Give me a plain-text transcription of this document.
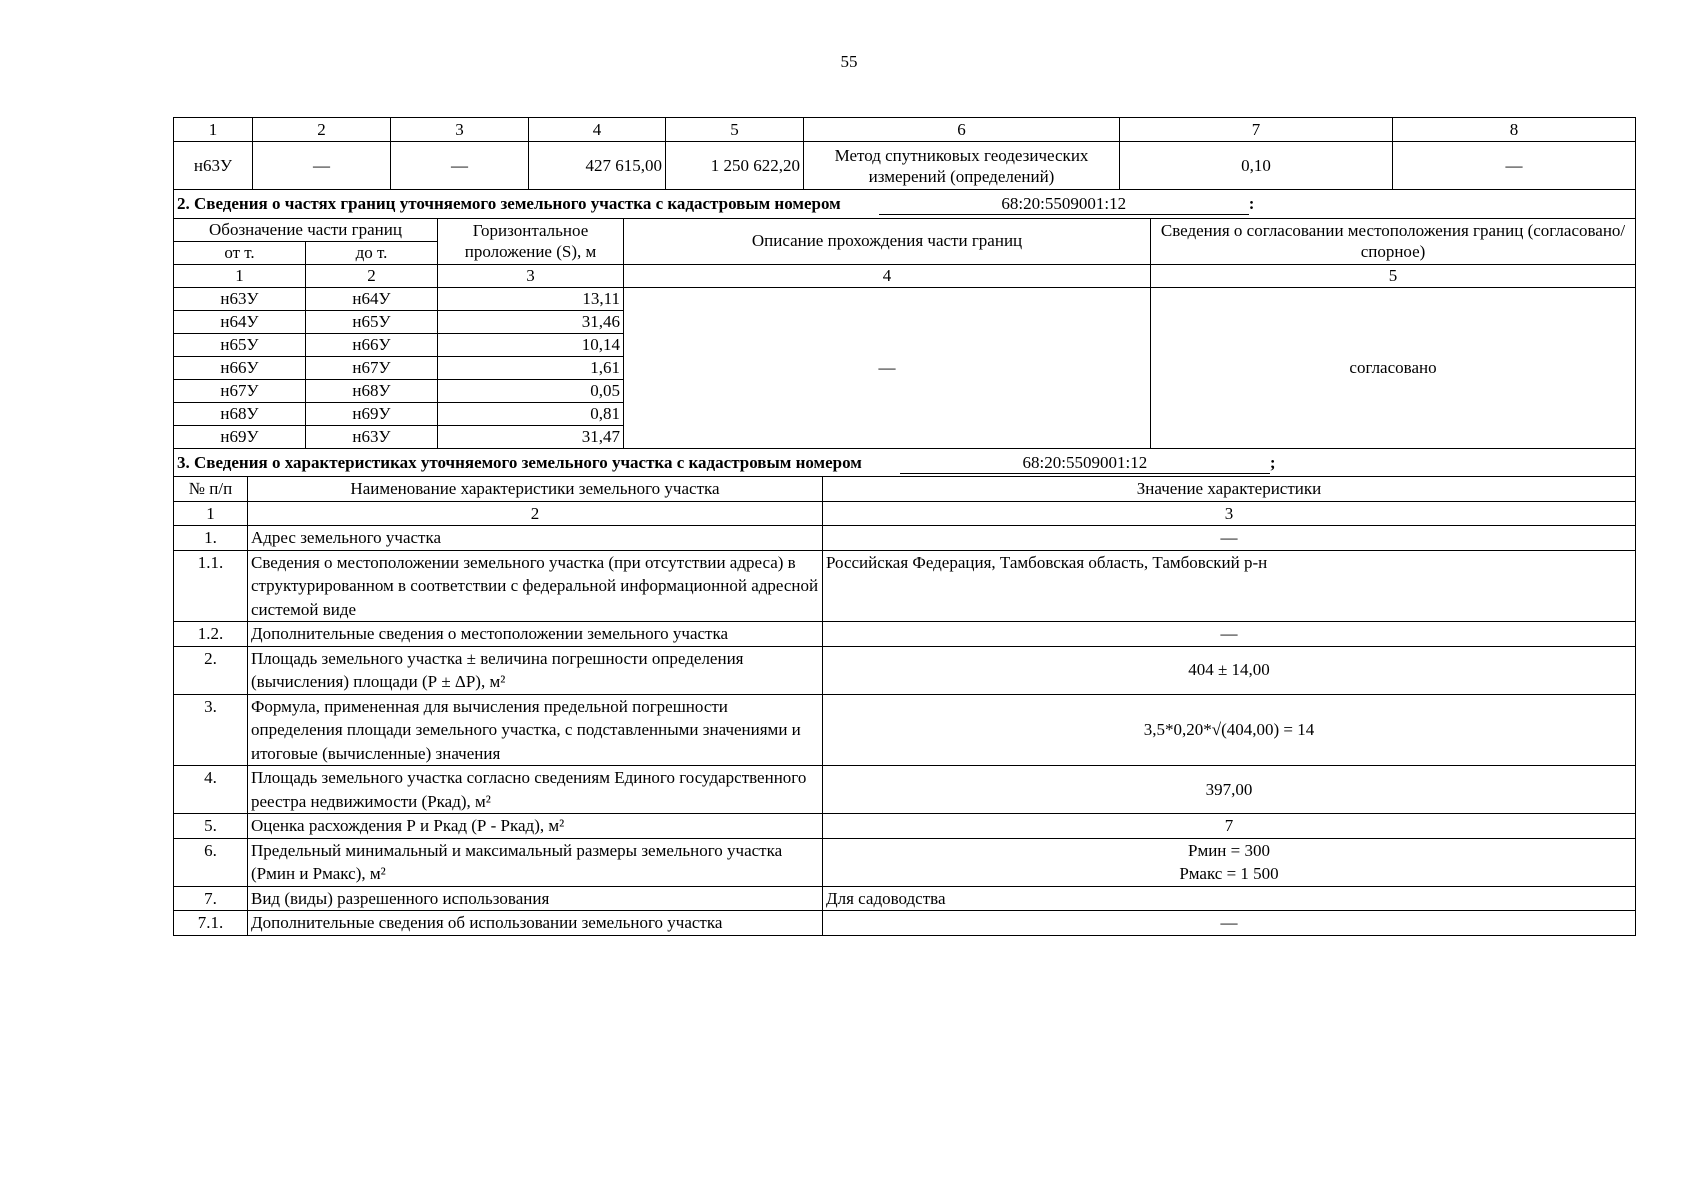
55
1	2	3	4	5	6	7	8
н63У	—	—	427 615,00	1 250 622,20	Метод спутниковых геодезических измерений (определений)	0,10	—
2. Сведения о частях границ уточняемого земельного участка с кадастровым номером 68:20:5509001:12 :				
Обозначение части границ		Горизонтальное проложение (S), м	Описание прохождения части границ	Сведения о согласовании местоположения границ (согласовано/спорное)
от т.	до т.			
1	2	3	4	5
н63У	н64У	13,11	—	согласовано
н64У	н65У	31,46		
н65У	н66У	10,14		
н66У	н67У	1,61		
н67У	н68У	0,05		
н68У	н69У	0,81		
н69У	н63У	31,47		
3. Сведения о характеристиках уточняемого земельного участка с кадастровым номером 68:20:5509001:12 ;		
№ п/п	Наименование характеристики земельного участка	Значение характеристики
1	2	3
1.	Адрес земельного участка	—
1.1.	Сведения о местоположении земельного участка (при отсутствии адреса) в структурированном в соответствии с федеральной информационной адресной системой виде	Российская Федерация, Тамбовская область, Тамбовский р-н
1.2.	Дополнительные сведения о местоположении земельного участка	—
2.	Площадь земельного участка ± величина погрешности определения (вычисления) площади (Р ± ΔР), м²	404 ± 14,00
3.	Формула, примененная для вычисления предельной погрешности определения площади земельного участка, с подставленными значениями и итоговые (вычисленные) значения	3,5*0,20*√(404,00) = 14
4.	Площадь земельного участка согласно сведениям Единого государственного реестра недвижимости (Ркад), м²	397,00
5.	Оценка расхождения Р и Ркад (Р - Ркад), м²	7
6.	Предельный минимальный и максимальный размеры земельного участка (Рмин и Рмакс), м²	Рмин = 300
Рмакс = 1 500

7.	Вид (виды) разрешенного использования	Для садоводства
7.1.	Дополнительные сведения об использовании земельного участка	—
